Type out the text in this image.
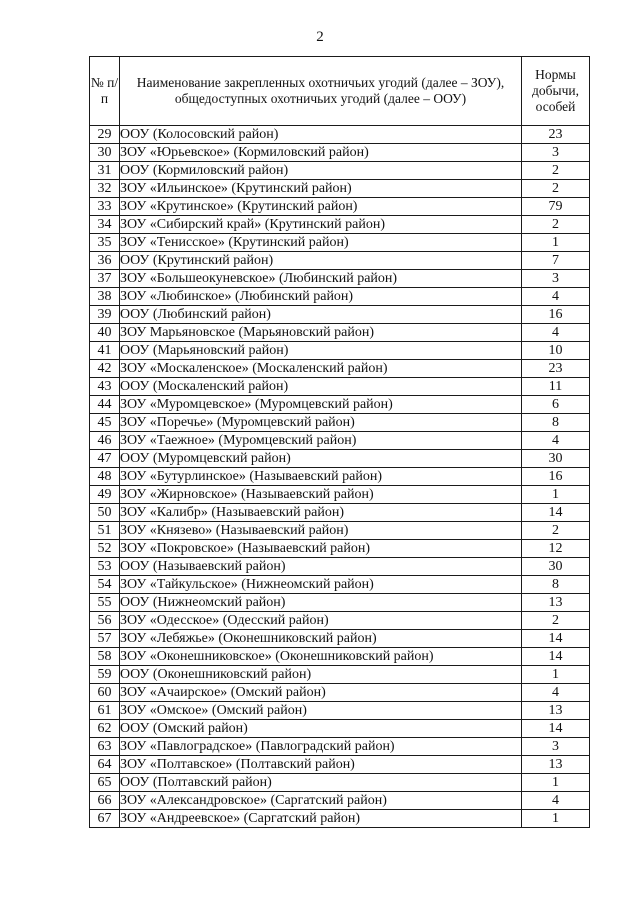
2
№ п/п	Наименование закрепленных охотничьих угодий (далее – ЗОУ), общедоступных охотничьих угодий (далее – ООУ)	Нормы добычи, особей
29	ООУ (Колосовский район)	23
30	ЗОУ «Юрьевское» (Кормиловский район)	3
31	ООУ (Кормиловский район)	2
32	ЗОУ «Ильинское» (Крутинский район)	2
33	ЗОУ «Крутинское» (Крутинский район)	79
34	ЗОУ «Сибирский край» (Крутинский район)	2
35	ЗОУ «Тенисское» (Крутинский район)	1
36	ООУ (Крутинский район)	7
37	ЗОУ «Большеокуневское» (Любинский район)	3
38	ЗОУ «Любинское» (Любинский район)	4
39	ООУ (Любинский район)	16
40	ЗОУ Марьяновское (Марьяновский район)	4
41	ООУ (Марьяновский район)	10
42	ЗОУ «Москаленское» (Москаленский район)	23
43	ООУ (Москаленский район)	11
44	ЗОУ «Муромцевское» (Муромцевский район)	6
45	ЗОУ «Поречье» (Муромцевский район)	8
46	ЗОУ «Таежное» (Муромцевский район)	4
47	ООУ (Муромцевский район)	30
48	ЗОУ «Бутурлинское» (Называевский район)	16
49	ЗОУ «Жирновское» (Называевский район)	1
50	ЗОУ «Калибр» (Называевский район)	14
51	ЗОУ «Князево» (Называевский район)	2
52	ЗОУ «Покровское» (Называевский район)	12
53	ООУ (Называевский район)	30
54	ЗОУ «Тайкульское» (Нижнеомский район)	8
55	ООУ (Нижнеомский район)	13
56	ЗОУ «Одесское» (Одесский район)	2
57	ЗОУ «Лебяжье» (Оконешниковский район)	14
58	ЗОУ «Оконешниковское» (Оконешниковский район)	14
59	ООУ (Оконешниковский район)	1
60	ЗОУ «Ачаирское» (Омский район)	4
61	ЗОУ «Омское» (Омский район)	13
62	ООУ (Омский район)	14
63	ЗОУ «Павлоградское» (Павлоградский район)	3
64	ЗОУ «Полтавское» (Полтавский район)	13
65	ООУ (Полтавский район)	1
66	ЗОУ «Александровское» (Саргатский район)	4
67	ЗОУ «Андреевское» (Саргатский район)	1
